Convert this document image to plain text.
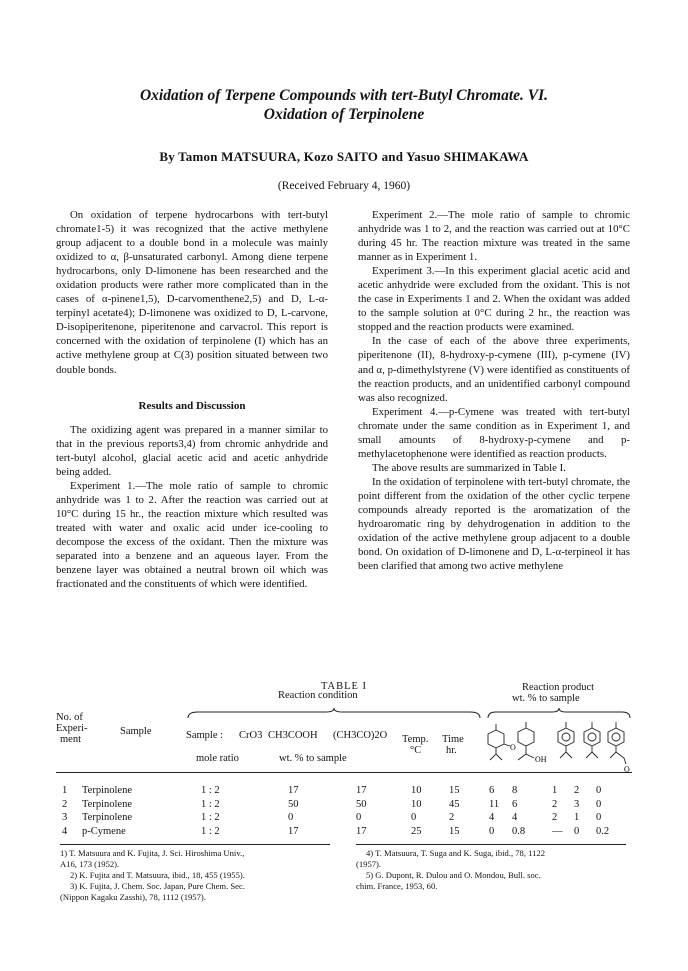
Oxidation of Terpene Compounds with tert-Butyl Chromate. VI.
Oxidation of Terpinolene
By Tamon MATSUURA, Kozo SAITO and Yasuo SHIMAKAWA
(Received February 4, 1960)

On oxidation of terpene hydrocarbons with tert-butyl chromate1-5) it was recognized that the active methylene group adjacent to a double bond in a molecule was mainly oxidized to α, β-unsaturated carbonyl. Among diene terpene hydrocarbons, only D-limonene has been researched and the oxidation products were rather more complicated than in the cases of α-pinene1,5), D-carvomenthene2,5) and D, L-α-terpinyl acetate4); D-limonene was oxidized to D, L-carvone, D-isopiperitenone, piperitenone and carvacrol. This report is concerned with the oxidation of terpinolene (I) which has an active methylene group at C(3) position situated between two double bonds.

Results and Discussion

The oxidizing agent was prepared in a manner similar to that in the previous reports3,4) from chromic anhydride and tert-butyl alcohol, glacial acetic acid and acetic anhydride being added.

Experiment 1.—The mole ratio of sample to chromic anhydride was 1 to 2. After the reaction was carried out at 10°C during 15 hr., the reaction mixture which resulted was treated with water and oxalic acid under ice-cooling to decompose the excess of the oxidant. Then the mixture was separated into a benzene and an aqueous layer. From the benzene layer was obtained a neutral brown oil which was fractionated and the constituents of which were identified.

Experiment 2.—The mole ratio of sample to chromic anhydride was 1 to 2, and the reaction was carried out at 10°C during 45 hr. The reaction mixture was treated in the same manner as in Experiment 1.

Experiment 3.—In this experiment glacial acetic acid and acetic anhydride were excluded from the oxidant. This is not the case in Experiments 1 and 2. When the oxidant was added to the sample solution at 0°C during 2 hr., the reaction was stopped and the reaction products were examined.

In the case of each of the above three experiments, piperitenone (II), 8-hydroxy-p-cymene (III), p-cymene (IV) and α, p-dimethylstyrene (V) were identified as constituents of the reaction products, and an unidentified carbonyl compound was also recognized.

Experiment 4.—p-Cymene was treated with tert-butyl chromate under the same condition as in Experiment 1, and small amounts of 8-hydroxy-p-cymene and p-methylacetophenone were identified as reaction products.

The above results are summarized in Table I.

In the oxidation of terpinolene with tert-butyl chromate, the point different from the oxidation of the other cyclic terpene compounds already reported is the aromatization of the hydroaromatic ring by dehydrogenation in addition to the oxidation of the active methylene group adjacent to a double bond. On oxidation of D-limonene and D, L-α-terpineol it has been clarified that among two active methylene

TABLE I
Reaction condition
Reaction product
wt. % to sample
No. of
Experi-
ment
Sample	Sample : CrO3 CH3COOH (CH3CO)2O Temp.
°C
Time
hr.
mole ratio	wt. % to sample
O
OH
O
1 Terpinolene	1 : 2	17	17	10	15	6 8	1 2 0
2 Terpinolene	1 : 2	50	50	10	45	11 6	2 3 0
3 Terpinolene	1 : 2	0	0	0	2	4 4	2 1 0
4 p-Cymene	1 : 2	17	17	25	15	0 0.8	— 0 0.2
1) T. Matsuura and K. Fujita, J. Sci. Hiroshima Univ.,
A16, 173 (1952).
2) K. Fujita and T. Matsuura, ibid., 18, 455 (1955).
3) K. Fujita, J. Chem. Soc. Japan, Pure Chem. Sec.
(Nippon Kagaku Zasshi), 78, 1112 (1957).
4) T. Matsuura, T. Suga and K. Suga, ibid., 78, 1122
(1957).
5) G. Dupont, R. Dulou and O. Mondou, Bull. soc.
chim. France, 1953, 60.
